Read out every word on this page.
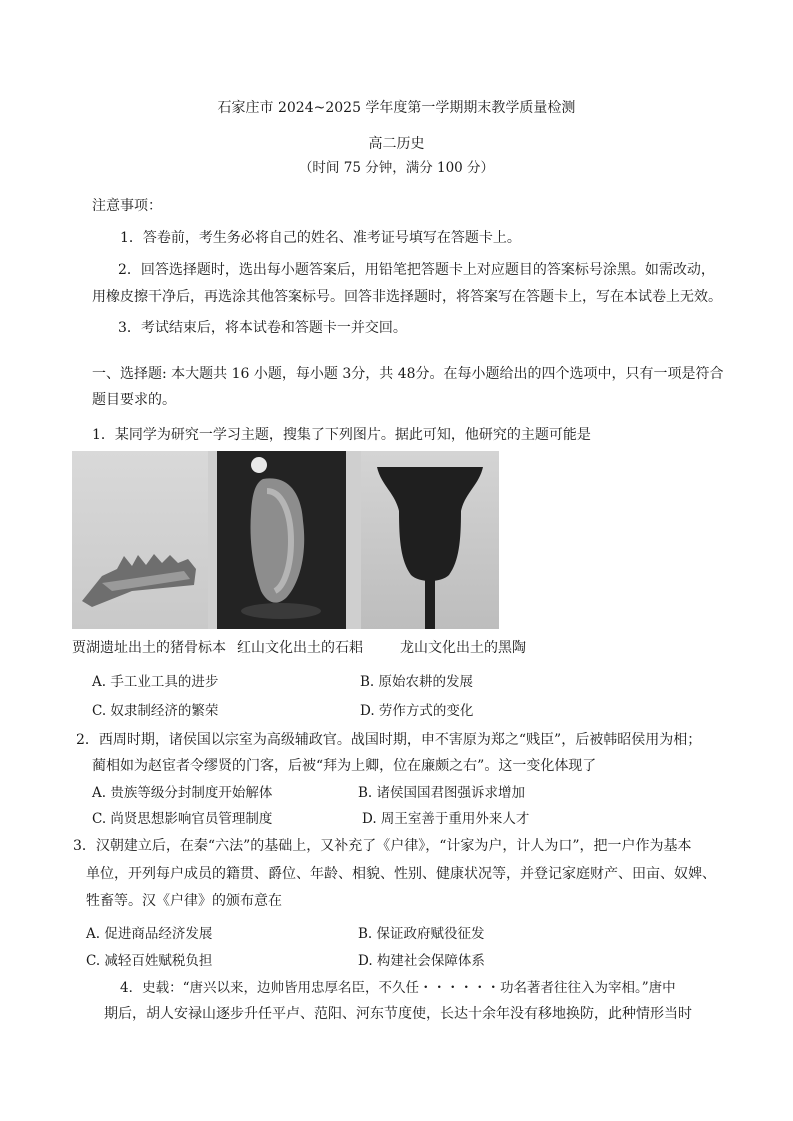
石家庄市 2024~2025 学年度第一学期期末教学质量检测
高二历史
（时间 75 分钟，满分 100 分）
注意事项：
1．答卷前，考生务必将自己的姓名、准考证号填写在答题卡上。
2．回答选择题时，选出每小题答案后，用铅笔把答题卡上对应题目的答案标号涂黑。如需改动，
用橡皮擦干净后，再选涂其他答案标号。回答非选择题时，将答案写在答题卡上，写在本试卷上无效。
3．考试结束后，将本试卷和答题卡一并交回。
一、选择题: 本大题共 16 小题，每小题 3分，共 48分。在每小题给出的四个选项中，只有一项是符合
题目要求的。
1．某同学为研究一学习主题，搜集了下列图片。据此可知，他研究的主题可能是
贾湖遗址出土的猪骨标本 红山文化出土的石耜	龙山文化出土的黑陶
A. 手工业工具的进步	B. 原始农耕的发展
C. 奴隶制经济的繁荣	D. 劳作方式的变化
2．西周时期，诸侯国以宗室为高级辅政官。战国时期，申不害原为郑之“贱臣”，后被韩昭侯用为相；
蔺相如为赵宦者令缪贤的门客，后被“拜为上卿，位在廉颇之右”。这一变化体现了
A. 贵族等级分封制度开始解体	B. 诸侯国国君图强诉求增加
C. 尚贤思想影响官员管理制度	D. 周王室善于重用外来人才
3．汉朝建立后，在秦“六法”的基础上，又补充了《户律》，“计家为户，计人为口”，把一户作为基本
单位，开列每户成员的籍贯、爵位、年龄、相貌、性别、健康状况等，并登记家庭财产、田亩、奴婢、
牲畜等。汉《户律》的颁布意在
A. 促进商品经济发展	B. 保证政府赋役征发
C. 减轻百姓赋税负担	D. 构建社会保障体系
4．史载：“唐兴以来，边帅皆用忠厚名臣，不久任・・・・・・功名著者往往入为宰相。”唐中
期后，胡人安禄山逐步升任平卢、范阳、河东节度使，长达十余年没有移地换防，此种情形当时
